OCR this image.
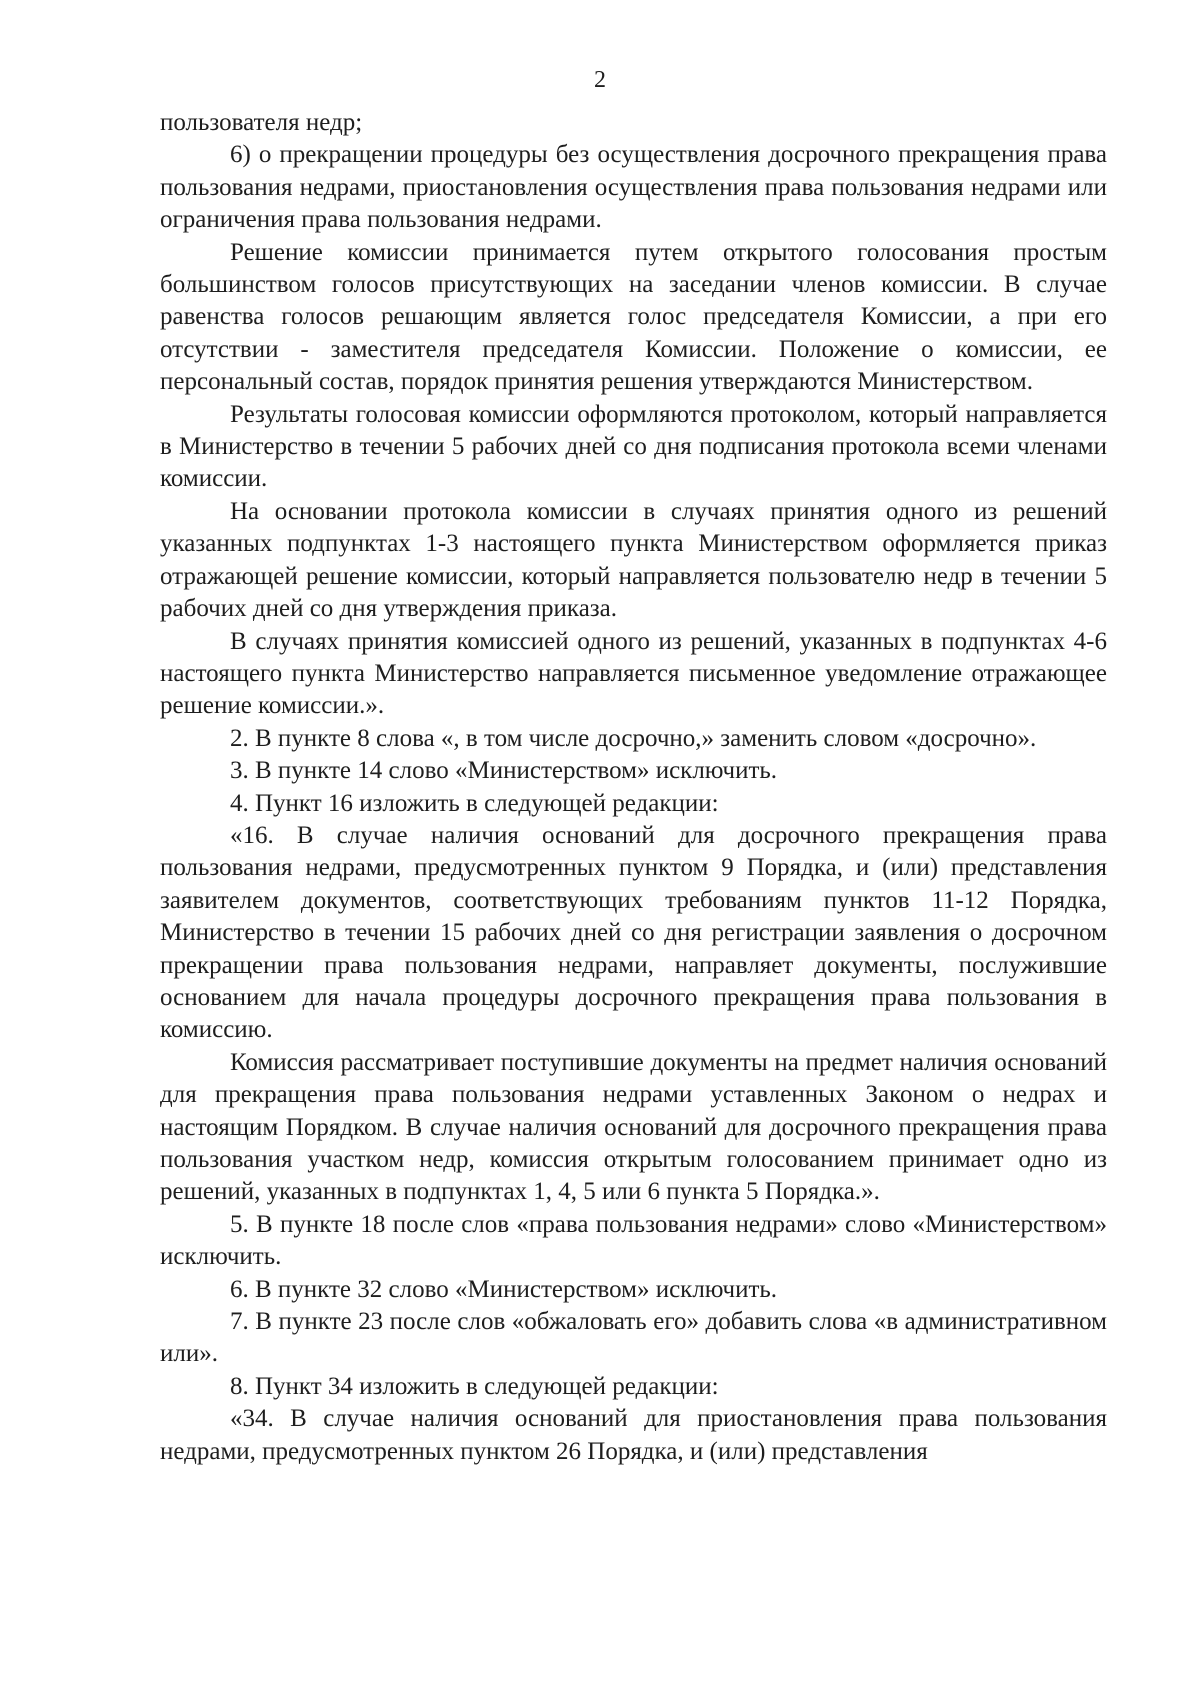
2

пользователя недр;

6) о прекращении процедуры без осуществления досрочного прекращения права пользования недрами, приостановления осуществления права пользования недрами или ограничения права пользования недрами.

Решение комиссии принимается путем открытого голосования простым большинством голосов присутствующих на заседании членов комиссии. В случае равенства голосов решающим является голос председателя Комиссии, а при его отсутствии - заместителя председателя Комиссии. Положение о комиссии, ее персональный состав, порядок принятия решения утверждаются Министерством.

Результаты голосовая комиссии оформляются протоколом, который направляется в Министерство в течении 5 рабочих дней со дня подписания протокола всеми членами комиссии.

На основании протокола комиссии в случаях принятия одного из решений указанных подпунктах 1-3 настоящего пункта Министерством оформляется приказ отражающей решение комиссии, который направляется пользователю недр в течении 5 рабочих дней со дня утверждения приказа.

В случаях принятия комиссией одного из решений, указанных в подпунктах 4-6 настоящего пункта Министерство направляется письменное уведомление отражающее решение комиссии.».

2. В пункте 8 слова «, в том числе досрочно,» заменить словом «досрочно».

3. В пункте 14 слово «Министерством» исключить.

4. Пункт 16 изложить в следующей редакции:

«16. В случае наличия оснований для досрочного прекращения права пользования недрами, предусмотренных пунктом 9 Порядка, и (или) представления заявителем документов, соответствующих требованиям пунктов 11-12 Порядка, Министерство в течении 15 рабочих дней со дня регистрации заявления о досрочном прекращении права пользования недрами, направляет документы, послужившие основанием для начала процедуры досрочного прекращения права пользования в комиссию.

Комиссия рассматривает поступившие документы на предмет наличия оснований для прекращения права пользования недрами уставленных Законом о недрах и настоящим Порядком. В случае наличия оснований для досрочного прекращения права пользования участком недр, комиссия открытым голосованием принимает одно из решений, указанных в подпунктах 1, 4, 5 или 6 пункта 5 Порядка.».

5. В пункте 18 после слов «права пользования недрами» слово «Министерством» исключить.

6. В пункте 32 слово «Министерством» исключить.

7. В пункте 23 после слов «обжаловать его» добавить слова «в административном или».

8. Пункт 34 изложить в следующей редакции:

«34. В случае наличия оснований для приостановления права пользования недрами, предусмотренных пунктом 26 Порядка, и (или) представления
